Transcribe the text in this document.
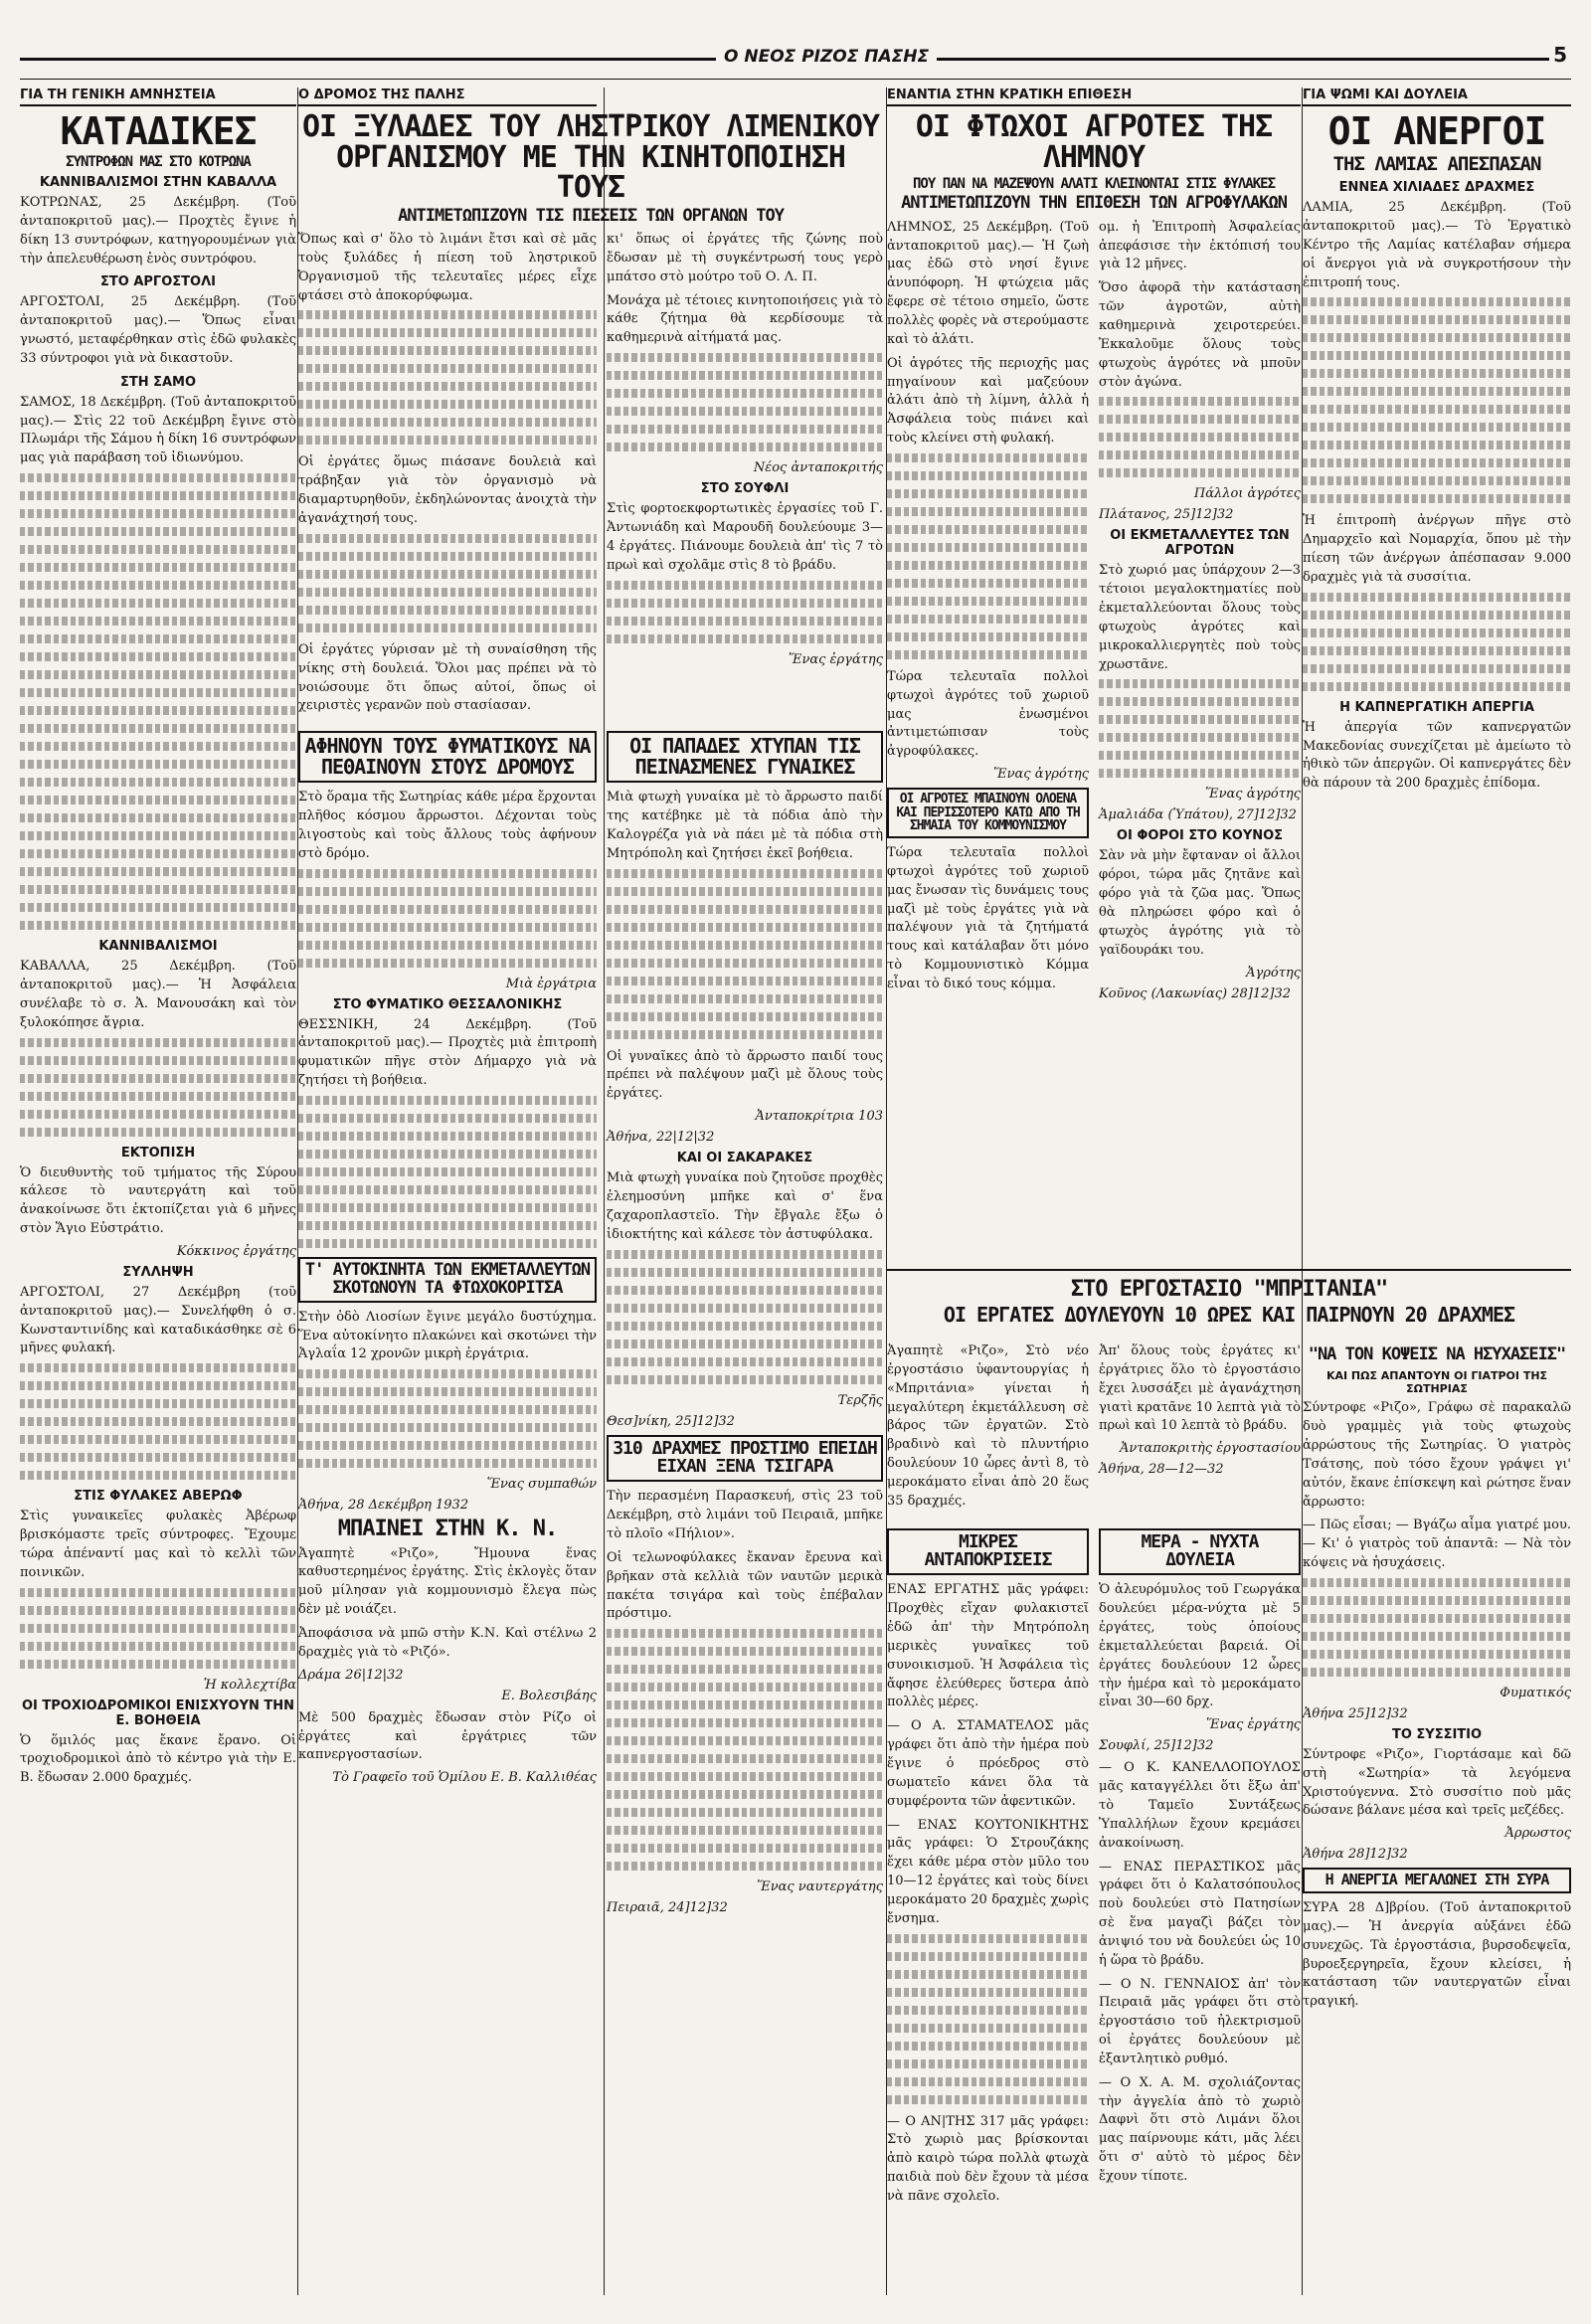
Ο ΝΕΟΣ ΡΙΖΟΣ ΠΑΣΗΣ	5
ΓΙΑ ΤΗ ΓΕΝΙΚΗ ΑΜΝΗΣΤΕΙΑ
ΚΑΤΑΔΙΚΕΣ
ΣΥΝΤΡΟΦΩΝ ΜΑΣ ΣΤΟ ΚΟΤΡΩΝΑ
ΚΑΝΝΙΒΑΛΙΣΜΟΙ ΣΤΗΝ ΚΑΒΑΛΛΑ

ΚΟΤΡΩΝΑΣ, 25 Δεκέμβρη. (Τοῦ ἀνταποκριτοῦ μας).— Πρoχτὲς ἔγινε ἡ δίκη 13 συντρόφων, κατηγορουμένων γιὰ τὴν ἀπελευθέρωση ἑνὸς συντρόφου.

ΣΤΟ ΑΡΓΟΣΤΟΛΙ

ΑΡΓΟΣΤΟΛΙ, 25 Δεκέμβρη. (Τοῦ ἀνταποκριτοῦ μας).— Ὅπως εἶναι γνωστό, μεταφέρθηκαν στὶς ἐδῶ φυλακὲς 33 σύντροφοι γιὰ νὰ δικαστοῦν.

ΣΤΗ ΣΑΜΟ

ΣΑΜΟΣ, 18 Δεκέμβρη. (Τοῦ ἀνταποκριτοῦ μας).— Στὶς 22 τοῦ Δεκέμβρη ἔγινε στὸ Πλωμάρι τῆς Σάμου ἡ δίκη 16 συντρόφων μας γιὰ παράβαση τοῦ ἰδιωνύμου.

ΚΑΝΝΙΒΑΛΙΣΜΟΙ

ΚΑΒΑΛΛΑ, 25 Δεκέμβρη. (Τοῦ ἀνταποκριτοῦ μας).— Ἡ Ἀσφάλεια συνέλαβε τὸ σ. Ἀ. Μανουσάκη καὶ τὸν ξυλοκόπησε ἄγρια.

ΕΚΤΟΠΙΣΗ

Ὁ διευθυντὴς τοῦ τμήματος τῆς Σύρου κάλεσε τὸ ναυτεργάτη καὶ τοῦ ἀνακοίνωσε ὅτι ἐκτοπίζεται γιὰ 6 μῆνες στὸν Ἅγιο Εὐστράτιο.

Κόκκινος ἐργάτης
ΣΥΛΛΗΨΗ

ΑΡΓΟΣΤΟΛΙ, 27 Δεκέμβρη (τοῦ ἀνταποκριτοῦ μας).— Συνελήφθη ὁ σ. Κωνσταντινίδης καὶ καταδικάσθηκε σὲ 6 μῆνες φυλακή.

ΣΤΙΣ ΦΥΛΑΚΕΣ ΑΒΕΡΩΦ

Στὶς γυναικεῖες φυλακὲς Ἀβέρωφ βρισκόμαστε τρεῖς σύντροφες. Ἔχουμε τώρα ἀπέναντί μας καὶ τὸ κελλὶ τῶν ποινικῶν.

Ἡ κολλεχτίβα
ΟΙ ΤΡΟΧΙΟΔΡΟΜΙΚΟΙ ΕΝΙΣΧΥΟΥΝ ΤΗΝ Ε. ΒΟΗΘΕΙΑ

Ὁ ὅμιλός μας ἔκανε ἔρανο. Οἱ τροχιοδρομικοὶ ἀπὸ τὸ κέντρο γιὰ τὴν Ε. Β. ἔδωσαν 2.000 δραχμές.

Ο ΔΡΟΜΟΣ ΤΗΣ ΠΑΛΗΣ
ΟΙ ΞΥΛΑΔΕΣ ΤΟΥ ΛΗΣΤΡΙΚΟΥ ΛΙΜΕΝΙΚΟΥ ΟΡΓΑΝΙΣΜΟΥ ΜΕ ΤΗΝ ΚΙΝΗΤΟΠΟΙΗΣΗ ΤΟΥΣ
ΑΝΤΙΜΕΤΩΠΙΖΟΥΝ ΤΙΣ ΠΙΕΣΕΙΣ ΤΩΝ ΟΡΓΑΝΩΝ ΤΟΥ

Ὅπως καὶ σ' ὅλο τὸ λιμάνι ἔτσι καὶ σὲ μᾶς τοὺς ξυλάδες ἡ πίεση τοῦ ληστρικοῦ Ὀργανισμοῦ τῆς τελευταῖες μέρες εἶχε φτάσει στὸ ἀποκορύφωμα.

Οἱ ἐργάτες ὅμως πιάσανε δουλειὰ καὶ τράβηξαν γιὰ τὸν ὀργανισμὸ νὰ διαμαρτυρηθοῦν, ἐκδηλώνοντας ἀνοιχτὰ τὴν ἀγανάχτησή τους.

Οἱ ἐργάτες γύρισαν μὲ τὴ συναίσθηση τῆς νίκης στὴ δουλειά. Ὅλοι μας πρέπει νὰ τὸ νοιώσουμε ὅτι ὅπως αὐτοί, ὅπως οἱ χειριστὲς γερανῶν ποὺ στασίασαν.

κι' ὅπως οἱ ἐργάτες τῆς ζώνης ποὺ ἔδωσαν μὲ τὴ συγκέντρωσή τους γερὸ μπάτσο στὸ μούτρο τοῦ Ο. Λ. Π.

Μονάχα μὲ τέτοιες κινητοποιήσεις γιὰ τὸ κάθε ζήτημα θὰ κερδίσουμε τὰ καθημερινὰ αἰτήματά μας.

Νέος ἀνταποκριτής
ΣΤΟ ΣΟΥΦΛΙ

Στὶς φορτοεκφορτωτικὲς ἐργασίες τοῦ Γ. Ἀντωνιάδη καὶ Μαρουδῆ δουλεύουμε 3—4 ἐργάτες. Πιάνουμε δουλειὰ ἀπ' τὶς 7 τὸ πρωὶ καὶ σχολᾶμε στὶς 8 τὸ βράδυ.

Ἕνας ἐργάτης
ΑΦΗΝΟΥΝ ΤΟΥΣ ΦΥΜΑΤΙΚΟΥΣ ΝΑ ΠΕΘΑΙΝΟΥΝ ΣΤΟΥΣ ΔΡΟΜΟΥΣ

Στὸ ὅραμα τῆς Σωτηρίας κάθε μέρα ἔρχονται πλῆθος κόσμου ἄρρωστοι. Δέχονται τοὺς λιγοστοὺς καὶ τοὺς ἄλλους τοὺς ἀφήνουν στὸ δρόμο.

Μιὰ ἐργάτρια
ΣΤΟ ΦΥΜΑΤΙΚΟ ΘΕΣΣΑΛΟΝΙΚΗΣ

ΘΕΣΣΝΙΚΗ, 24 Δεκέμβρη. (Τοῦ ἀνταποκριτοῦ μας).— Πρoχτὲς μιὰ ἐπιτροπὴ φυματικῶν πῆγε στὸν Δήμαρχο γιὰ νὰ ζητήσει τὴ βοήθεια.

Τ' ΑΥΤΟΚΙΝΗΤΑ ΤΩΝ ΕΚΜΕΤΑΛΛΕΥΤΩΝ ΣΚΟΤΩΝΟΥΝ ΤΑ ΦΤΩΧΟΚΟΡΙΤΣΑ

Στὴν ὁδὸ Λιοσίων ἔγινε μεγάλο δυστύχημα. Ἕνα αὐτοκίνητο πλακώνει καὶ σκοτώνει τὴν Ἀγλαΐα 12 χρονῶν μικρὴ ἐργάτρια.

Ἕνας συμπαθών
Ἀθήνα, 28 Δεκέμβρη 1932
ΜΠΑΙΝΕΙ ΣΤΗΝ Κ. Ν.

Ἀγαπητὲ «Ριζο», Ἤμουνα ἕνας καθυστερημένος ἐργάτης. Στὶς ἐκλογὲς ὅταν μοῦ μίλησαν γιὰ κομμουνισμὸ ἔλεγα πὼς δὲν μὲ νοιάζει.

Ἀποφάσισα νὰ μπῶ στὴν Κ.Ν. Καὶ στέλνω 2 δραχμὲς γιὰ τὸ «Ριζό».

Δράμα 26|12|32
Ε. Βολεσιβάης

Μὲ 500 δραχμὲς ἔδωσαν στὸν Ρίζο οἱ ἐργάτες καὶ ἐργάτριες τῶν καπνεργοστασίων.

Τὸ Γραφεῖο τοῦ Ὁμίλου Ε. Β. Καλλιθέας
ΟΙ ΠΑΠΑΔΕΣ ΧΤΥΠΑΝ ΤΙΣ ΠΕΙΝΑΣΜΕΝΕΣ ΓΥΝΑΙΚΕΣ

Μιὰ φτωχὴ γυναίκα μὲ τὸ ἄρρωστο παιδί της κατέβηκε μὲ τὰ πόδια ἀπὸ τὴν Καλογρέζα γιὰ νὰ πάει μὲ τὰ πόδια στὴ Μητρόπολη καὶ ζητήσει ἐκεῖ βοήθεια.

Οἱ γυναῖκες ἀπὸ τὸ ἄρρωστο παιδί τους πρέπει νὰ παλέψουν μαζὶ μὲ ὅλους τοὺς ἐργάτες.

Ἀνταποκρίτρια 103
Ἀθήνα, 22|12|32
ΚΑΙ ΟΙ ΣΑΚΑΡΑΚΕΣ

Μιὰ φτωχὴ γυναίκα ποὺ ζητοῦσε προχθὲς ἐλεημοσύνη μπῆκε καὶ σ' ἕνα ζαχαροπλαστεῖο. Τὴν ἔβγαλε ἔξω ὁ ἰδιοκτήτης καὶ κάλεσε τὸν ἀστυφύλακα.

Τερζῆς
Θεσ]νίκη, 25]12]32
310 ΔΡΑΧΜΕΣ ΠΡΟΣΤΙΜΟ ΕΠΕΙΔΗ ΕΙΧΑΝ ΞΕΝΑ ΤΣΙΓΑΡΑ

Τὴν περασμένη Παρασκευή, στὶς 23 τοῦ Δεκέμβρη, στὸ λιμάνι τοῦ Πειραιᾶ, μπῆκε τὸ πλοῖο «Πήλιον».

Οἱ τελωνοφύλακες ἔκαναν ἔρευνα καὶ βρῆκαν στὰ κελλιὰ τῶν ναυτῶν μερικὰ πακέτα τσιγάρα καὶ τοὺς ἐπέβαλαν πρόστιμο.

Ἕνας ναυτεργάτης
Πειραιᾶ, 24]12]32
ΕΝΑΝΤΙΑ ΣΤΗΝ ΚΡΑΤΙΚΗ ΕΠΙΘΕΣΗ
ΟΙ ΦΤΩΧΟΙ ΑΓΡΟΤΕΣ ΤΗΣ ΛΗΜΝΟΥ
ΠΟΥ ΠΑΝ ΝΑ ΜΑΖΕΨΟΥΝ ΑΛΑΤΙ ΚΛΕΙΝΟΝΤΑΙ ΣΤΙΣ ΦΥΛΑΚΕΣ
ΑΝΤΙΜΕΤΩΠΙΖΟΥΝ ΤΗΝ ΕΠΙΘΕΣΗ ΤΩΝ ΑΓΡΟΦΥΛΑΚΩΝ

ΛΗΜΝΟΣ, 25 Δεκέμβρη. (Τοῦ ἀνταποκριτοῦ μας).— Ἡ ζωὴ μας ἐδῶ στὸ νησί ἔγινε ἀνυπόφορη. Ἡ φτώχεια μᾶς ἔφερε σὲ τέτοιο σημεῖο, ὥστε πολλὲς φορὲς νὰ στερούμαστε καὶ τὸ ἀλάτι.

Οἱ ἀγρότες τῆς περιοχῆς μας πηγαίνουν καὶ μαζεύουν ἀλάτι ἀπὸ τὴ λίμνη, ἀλλὰ ἡ Ἀσφάλεια τοὺς πιάνει καὶ τοὺς κλείνει στὴ φυλακή.

Τώρα τελευταῖα πολλοὶ φτωχοὶ ἀγρότες τοῦ χωριοῦ μας ἐνωσμένοι ἀντιμετώπισαν τοὺς ἀγροφύλακες.

Ἕνας ἀγρότης
ΟΙ ΑΓΡΟΤΕΣ ΜΠΑΙΝΟΥΝ ΟΛΟΕΝΑ ΚΑΙ ΠΕΡΙΣΣΟΤΕΡΟ ΚΑΤΩ ΑΠΟ ΤΗ ΣΗΜΑΙΑ ΤΟΥ ΚΟΜΜΟΥΝΙΣΜΟΥ

Τώρα τελευταῖα πολλοὶ φτωχοὶ ἀγρότες τοῦ χωριοῦ μας ἔνωσαν τὶς δυνάμεις τους μαζὶ μὲ τοὺς ἐργάτες γιὰ νὰ παλέψουν γιὰ τὰ ζητήματά τους καὶ κατάλαβαν ὅτι μόνο τὸ Κομμουνιστικὸ Κόμμα εἶναι τὸ δικό τους κόμμα.

ομ. ἡ Ἐπιτροπὴ Ἀσφαλείας ἀπεφάσισε τὴν ἐκτόπισή του γιὰ 12 μῆνες.

Ὅσο ἀφορᾶ τὴν κατάσταση τῶν ἀγροτῶν, αὐτὴ καθημερινὰ χειροτερεύει. Ἐκκαλοῦμε ὅλους τοὺς φτωχοὺς ἀγρότες νὰ μποῦν στὸν ἀγώνα.

Πάλλοι ἀγρότες
Πλάτανος, 25]12]32
ΟΙ ΕΚΜΕΤΑΛΛΕΥΤΕΣ ΤΩΝ ΑΓΡΟΤΩΝ

Στὸ χωριό μας ὑπάρχουν 2—3 τέτοιοι μεγαλοκτηματίες ποὺ ἐκμεταλλεύονται ὅλους τοὺς φτωχοὺς ἀγρότες καὶ μικροκαλλιεργητὲς ποὺ τοὺς χρωστᾶνε.

Ἕνας ἀγρότης
Ἀμαλιάδα (Ὑπάτου), 27]12]32
ΟΙ ΦΟΡΟΙ ΣΤΟ ΚΟΥΝΟΣ

Σὰν νὰ μὴν ἔφταναν οἱ ἄλλοι φόροι, τώρα μᾶς ζητᾶνε καὶ φόρο γιὰ τὰ ζῶα μας. Ὅπως θὰ πληρώσει φόρο καὶ ὁ φτωχὸς ἀγρότης γιὰ τὸ γαϊδουράκι του.

Ἀγρότης
Κοῦνος (Λακωνίας) 28]12]32
ΣΤΟ ΕΡΓΟΣΤΑΣΙΟ "ΜΠΡΙΤΑΝΙΑ"
ΟΙ ΕΡΓΑΤΕΣ ΔΟΥΛΕΥΟΥΝ 10 ΩΡΕΣ ΚΑΙ ΠΑΙΡΝΟΥΝ 20 ΔΡΑΧΜΕΣ

Ἀγαπητὲ «Ριζο», Στὸ νέο ἐργοστάσιο ὑφαντουργίας ἡ «Μπριτάνια» γίνεται ἡ μεγαλύτερη ἐκμετάλλευση σὲ βάρος τῶν ἐργατῶν. Στὸ βραδινὸ καὶ τὸ πλυντήριο δουλεύουν 10 ὧρες ἀντὶ 8, τὸ μεροκάματο εἶναι ἀπὸ 20 ἕως 35 δραχμές.

Ἀπ' ὅλους τοὺς ἐργάτες κι' ἐργάτριες ὅλο τὸ ἐργοστάσιο ἔχει λυσσάξει μὲ ἀγανάχτηση γιατὶ κρατᾶνε 10 λεπτὰ γιὰ τὸ πρωὶ καὶ 10 λεπτὰ τὸ βράδυ.

Ἀνταποκριτὴς ἐργοστασίου
Ἀθήνα, 28—12—32
ΜΙΚΡΕΣ ΑΝΤΑΠΟΚΡΙΣΕΙΣ

ΕΝΑΣ ΕΡΓΑΤΗΣ μᾶς γράφει: Προχθὲς εἴχαν φυλακιστεῖ ἐδῶ ἀπ' τὴν Μητρόπολη μερικὲς γυναῖκες τοῦ συνοικισμοῦ. Ἡ Ἀσφάλεια τὶς ἄφησε ἐλεύθερες ὕστερα ἀπὸ πολλὲς μέρες.

— Ο Α. ΣΤΑΜΑΤΕΛΟΣ μᾶς γράφει ὅτι ἀπὸ τὴν ἡμέρα ποὺ ἔγινε ὁ πρόεδρος στὸ σωματεῖο κάνει ὅλα τὰ συμφέροντα τῶν ἀφεντικῶν.

— ΕΝΑΣ ΚΟΥΤΟΝΙΚΗΤΗΣ μᾶς γράφει: Ὁ Στρουζάκης ἔχει κάθε μέρα στὸν μῦλο του 10—12 ἐργάτες καὶ τοὺς δίνει μεροκάματο 20 δραχμὲς χωρὶς ἔνσημα.

— Ο ΑΝ|ΤΗΣ 317 μᾶς γράφει: Στὸ χωριὸ μας βρίσκονται ἀπὸ καιρὸ τώρα πολλὰ φτωχὰ παιδιὰ ποὺ δὲν ἔχουν τὰ μέσα νὰ πᾶνε σχολεῖο.

ΜΕΡΑ - ΝΥΧΤΑ ΔΟΥΛΕΙΑ

Ὁ ἀλευρόμυλος τοῦ Γεωργάκα δουλεύει μέρα-νύχτα μὲ 5 ἐργάτες, τοὺς ὁποίους ἐκμεταλλεύεται βαρειά. Οἱ ἐργάτες δουλεύουν 12 ὧρες τὴν ἡμέρα καὶ τὸ μεροκάματο εἶναι 30—60 δρχ.

Ἕνας ἐργάτης
Σουφλί, 25]12]32

— Ο Κ. ΚΑΝΕΛΛΟΠΟΥΛΟΣ μᾶς καταγγέλλει ὅτι ἔξω ἀπ' τὸ Ταμεῖο Συντάξεως Ὑπαλλήλων ἔχουν κρεμάσει ἀνακοίνωση.

— ΕΝΑΣ ΠΕΡΑΣΤΙΚΟΣ μᾶς γράφει ὅτι ὁ Καλατσόπουλος ποὺ δουλεύει στὸ Πατησίων σὲ ἕνα μαγαζὶ βάζει τὸν ἀνιψιό του νὰ δουλεύει ὡς 10 ἡ ὥρα τὸ βράδυ.

— Ο Ν. ΓΕΝΝΑΙΟΣ ἀπ' τὸν Πειραιᾶ μᾶς γράφει ὅτι στὸ ἐργοστάσιο τοῦ ἠλεκτρισμοῦ οἱ ἐργάτες δουλεύουν μὲ ἐξαντλητικὸ ρυθμό.

— Ο Χ. Α. Μ. σχολιάζοντας τὴν ἀγγελία ἀπὸ τὸ χωριὸ Δαφνὶ ὅτι στὸ Λιμάνι ὅλοι μας παίρνουμε κάτι, μᾶς λέει ὅτι σ' αὐτὸ τὸ μέρος δὲν ἔχουν τίποτε.

ΓΙΑ ΨΩΜΙ ΚΑΙ ΔΟΥΛΕΙΑ
ΟΙ ΑΝΕΡΓΟΙ
ΤΗΣ ΛΑΜΙΑΣ ΑΠΕΣΠΑΣΑΝ
ΕΝΝΕΑ ΧΙΛΙΑΔΕΣ ΔΡΑΧΜΕΣ

ΛΑΜΙΑ, 25 Δεκέμβρη. (Τοῦ ἀνταποκριτοῦ μας).— Τὸ Ἐργατικὸ Κέντρο τῆς Λαμίας κατέλαβαν σήμερα οἱ ἄνεργοι γιὰ νὰ συγκροτήσουν τὴν ἐπιτροπή τους.

Ἡ ἐπιτροπὴ ἀνέργων πῆγε στὸ Δημαρχεῖο καὶ Νομαρχία, ὅπου μὲ τὴν πίεση τῶν ἀνέργων ἀπέσπασαν 9.000 δραχμὲς γιὰ τὰ συσσίτια.

Η ΚΑΠΝΕΡΓΑΤΙΚΗ ΑΠΕΡΓΙΑ

Ἡ ἀπεργία τῶν καπνεργατῶν Μακεδονίας συνεχίζεται μὲ ἀμείωτο τὸ ἠθικὸ τῶν ἀπεργῶν. Οἱ καπνεργάτες δὲν θὰ πάρουν τὰ 200 δραχμὲς ἐπίδομα.

"ΝΑ ΤΟΝ ΚΟΨΕΙΣ ΝΑ ΗΣΥΧΑΣΕΙΣ"
ΚΑΙ ΠΩΣ ΑΠΑΝΤΟΥΝ ΟΙ ΓΙΑΤΡΟΙ ΤΗΣ ΣΩΤΗΡΙΑΣ

Σύντροφε «Ριζο», Γράφω σὲ παρακαλῶ δυὸ γραμμὲς γιὰ τοὺς φτωχοὺς ἀρρώστους τῆς Σωτηρίας. Ὁ γιατρὸς Τσάτσης, ποὺ τόσο ἔχουν γράψει γι' αὐτόν, ἔκανε ἐπίσκεψη καὶ ρώτησε ἕναν ἄρρωστο:

— Πῶς εἶσαι; — Βγάζω αἷμα γιατρέ μου. — Κι' ὁ γιατρὸς τοῦ ἀπαντᾶ: — Νὰ τὸν κόψεις νὰ ἡσυχάσεις.

Φυματικός
Ἀθήνα 25]12]32
ΤΟ ΣΥΣΣΙΤΙΟ

Σύντροφε «Ριζο», Γιορτάσαμε καὶ δῶ στὴ «Σωτηρία» τὰ λεγόμενα Χριστούγεννα. Στὸ συσσίτιο ποὺ μᾶς δώσανε βάλανε μέσα καὶ τρεῖς μεζέδες.

Ἀρρωστος
Ἀθήνα 28]12]32
Η ΑΝΕΡΓΙΑ ΜΕΓΑΛΩΝΕΙ ΣΤΗ ΣΥΡΑ

ΣΥΡΑ 28 Δ]βρίου. (Τοῦ ἀνταποκριτοῦ μας).— Ἡ ἀνεργία αὐξάνει ἐδῶ συνεχῶς. Τὰ ἐργοστάσια, βυρσοδεψεῖα, βυροεξεργηρεῖα, ἔχουν κλείσει, ἡ κατάσταση τῶν ναυτεργατῶν εἶναι τραγική.
